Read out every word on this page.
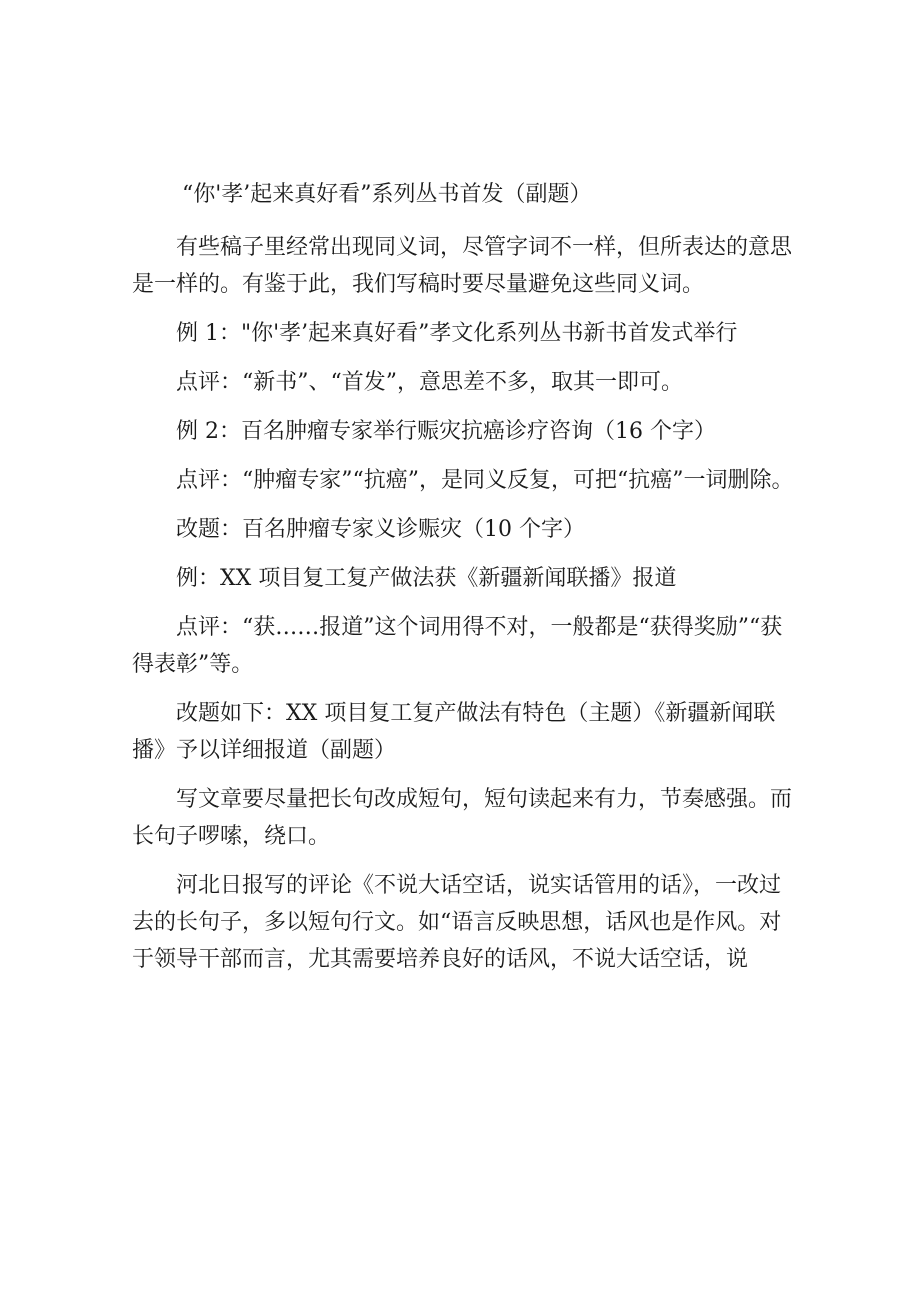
“你'孝’起来真好看”系列丛书首发（副题）

有些稿子里经常出现同义词，尽管字词不一样，但所表达的意思是一样的。有鉴于此，我们写稿时要尽量避免这些同义词。

例 1："你'孝’起来真好看”孝文化系列丛书新书首发式举行

点评：“新书”、“首发”，意思差不多，取其一即可。

例 2：百名肿瘤专家举行赈灾抗癌诊疗咨询（16 个字）

点评：“肿瘤专家”“抗癌”，是同义反复，可把“抗癌”一词删除。

改题：百名肿瘤专家义诊赈灾（10 个字）

例：XX 项目复工复产做法获《新疆新闻联播》报道

点评：“获……报道”这个词用得不对，一般都是“获得奖励”“获得表彰”等。

改题如下：XX 项目复工复产做法有特色（主题）《新疆新闻联播》予以详细报道（副题）

写文章要尽量把长句改成短句，短句读起来有力，节奏感强。而长句子啰嗦，绕口。

河北日报写的评论《不说大话空话，说实话管用的话》，一改过去的长句子，多以短句行文。如“语言反映思想，话风也是作风。对于领导干部而言，尤其需要培养良好的话风，不说大话空话，说
